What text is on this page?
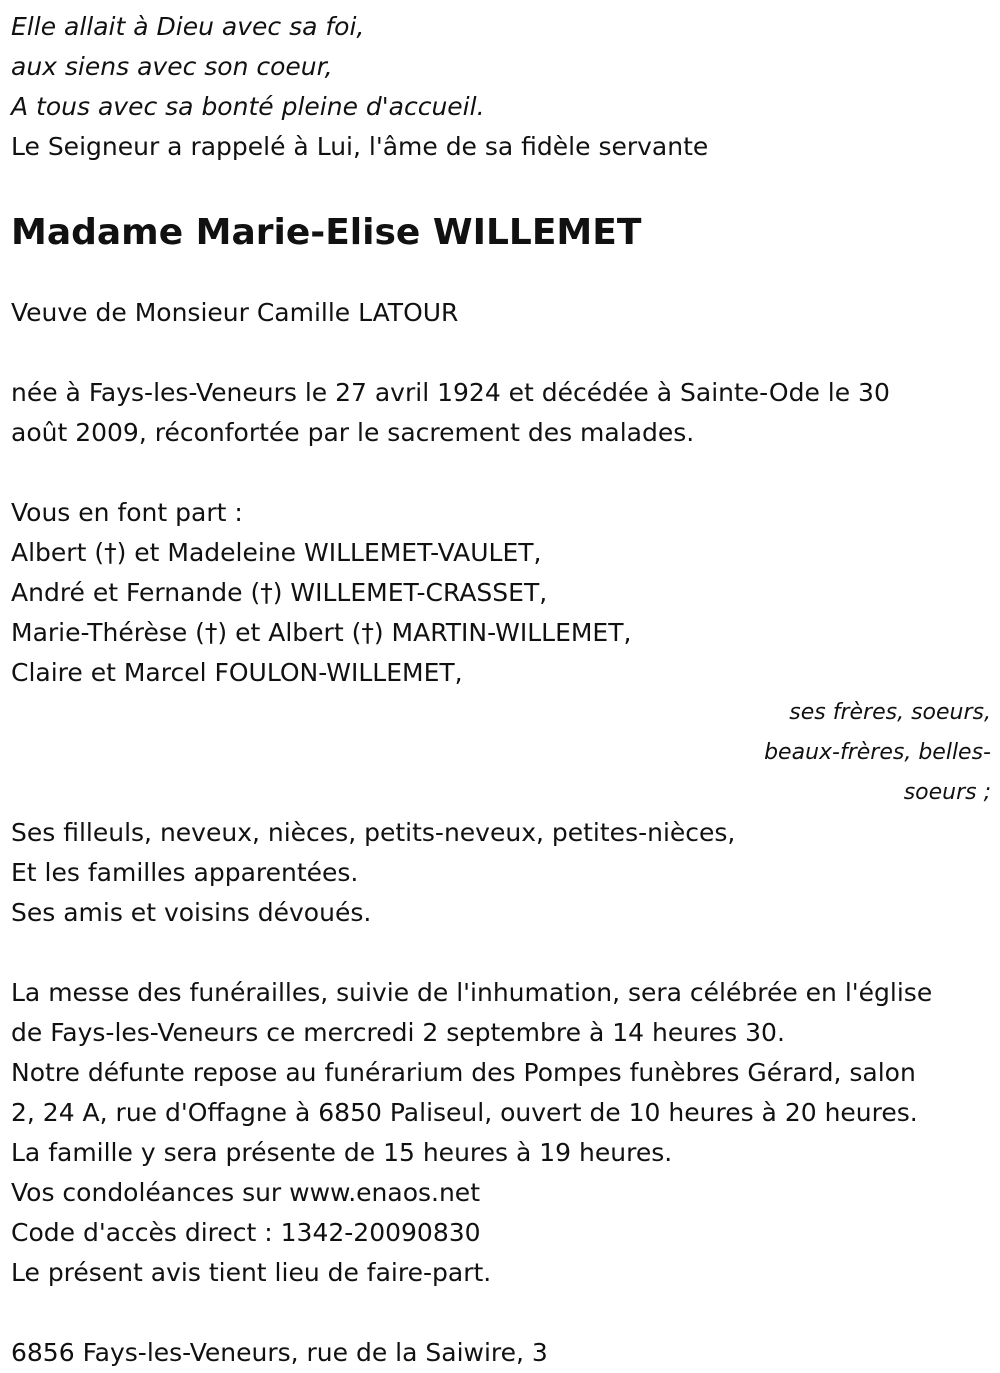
Elle allait à Dieu avec sa foi,
aux siens avec son coeur,
A tous avec sa bonté pleine d'accueil.
Le Seigneur a rappelé à Lui, l'âme de sa fidèle servante
Madame Marie-Elise WILLEMET
Veuve de Monsieur Camille LATOUR
née à Fays-les-Veneurs le 27 avril 1924 et décédée à Sainte-Ode le 30
août 2009, réconfortée par le sacrement des malades.
Vous en font part :
Albert (†) et Madeleine WILLEMET-VAULET,
André et Fernande (†) WILLEMET-CRASSET,
Marie-Thérèse (†) et Albert (†) MARTIN-WILLEMET,
Claire et Marcel FOULON-WILLEMET,
ses frères, soeurs,
beaux-frères, belles-
soeurs ;
Ses filleuls, neveux, nièces, petits-neveux, petites-nièces,
Et les familles apparentées.
Ses amis et voisins dévoués.
La messe des funérailles, suivie de l'inhumation, sera célébrée en l'église
de Fays-les-Veneurs ce mercredi 2 septembre à 14 heures 30.
Notre défunte repose au funérarium des Pompes funèbres Gérard, salon
2, 24 A, rue d'Offagne à 6850 Paliseul, ouvert de 10 heures à 20 heures.
La famille y sera présente de 15 heures à 19 heures.
Vos condoléances sur www.enaos.net
Code d'accès direct : 1342-20090830
Le présent avis tient lieu de faire-part.
6856 Fays-les-Veneurs, rue de la Saiwire, 3
